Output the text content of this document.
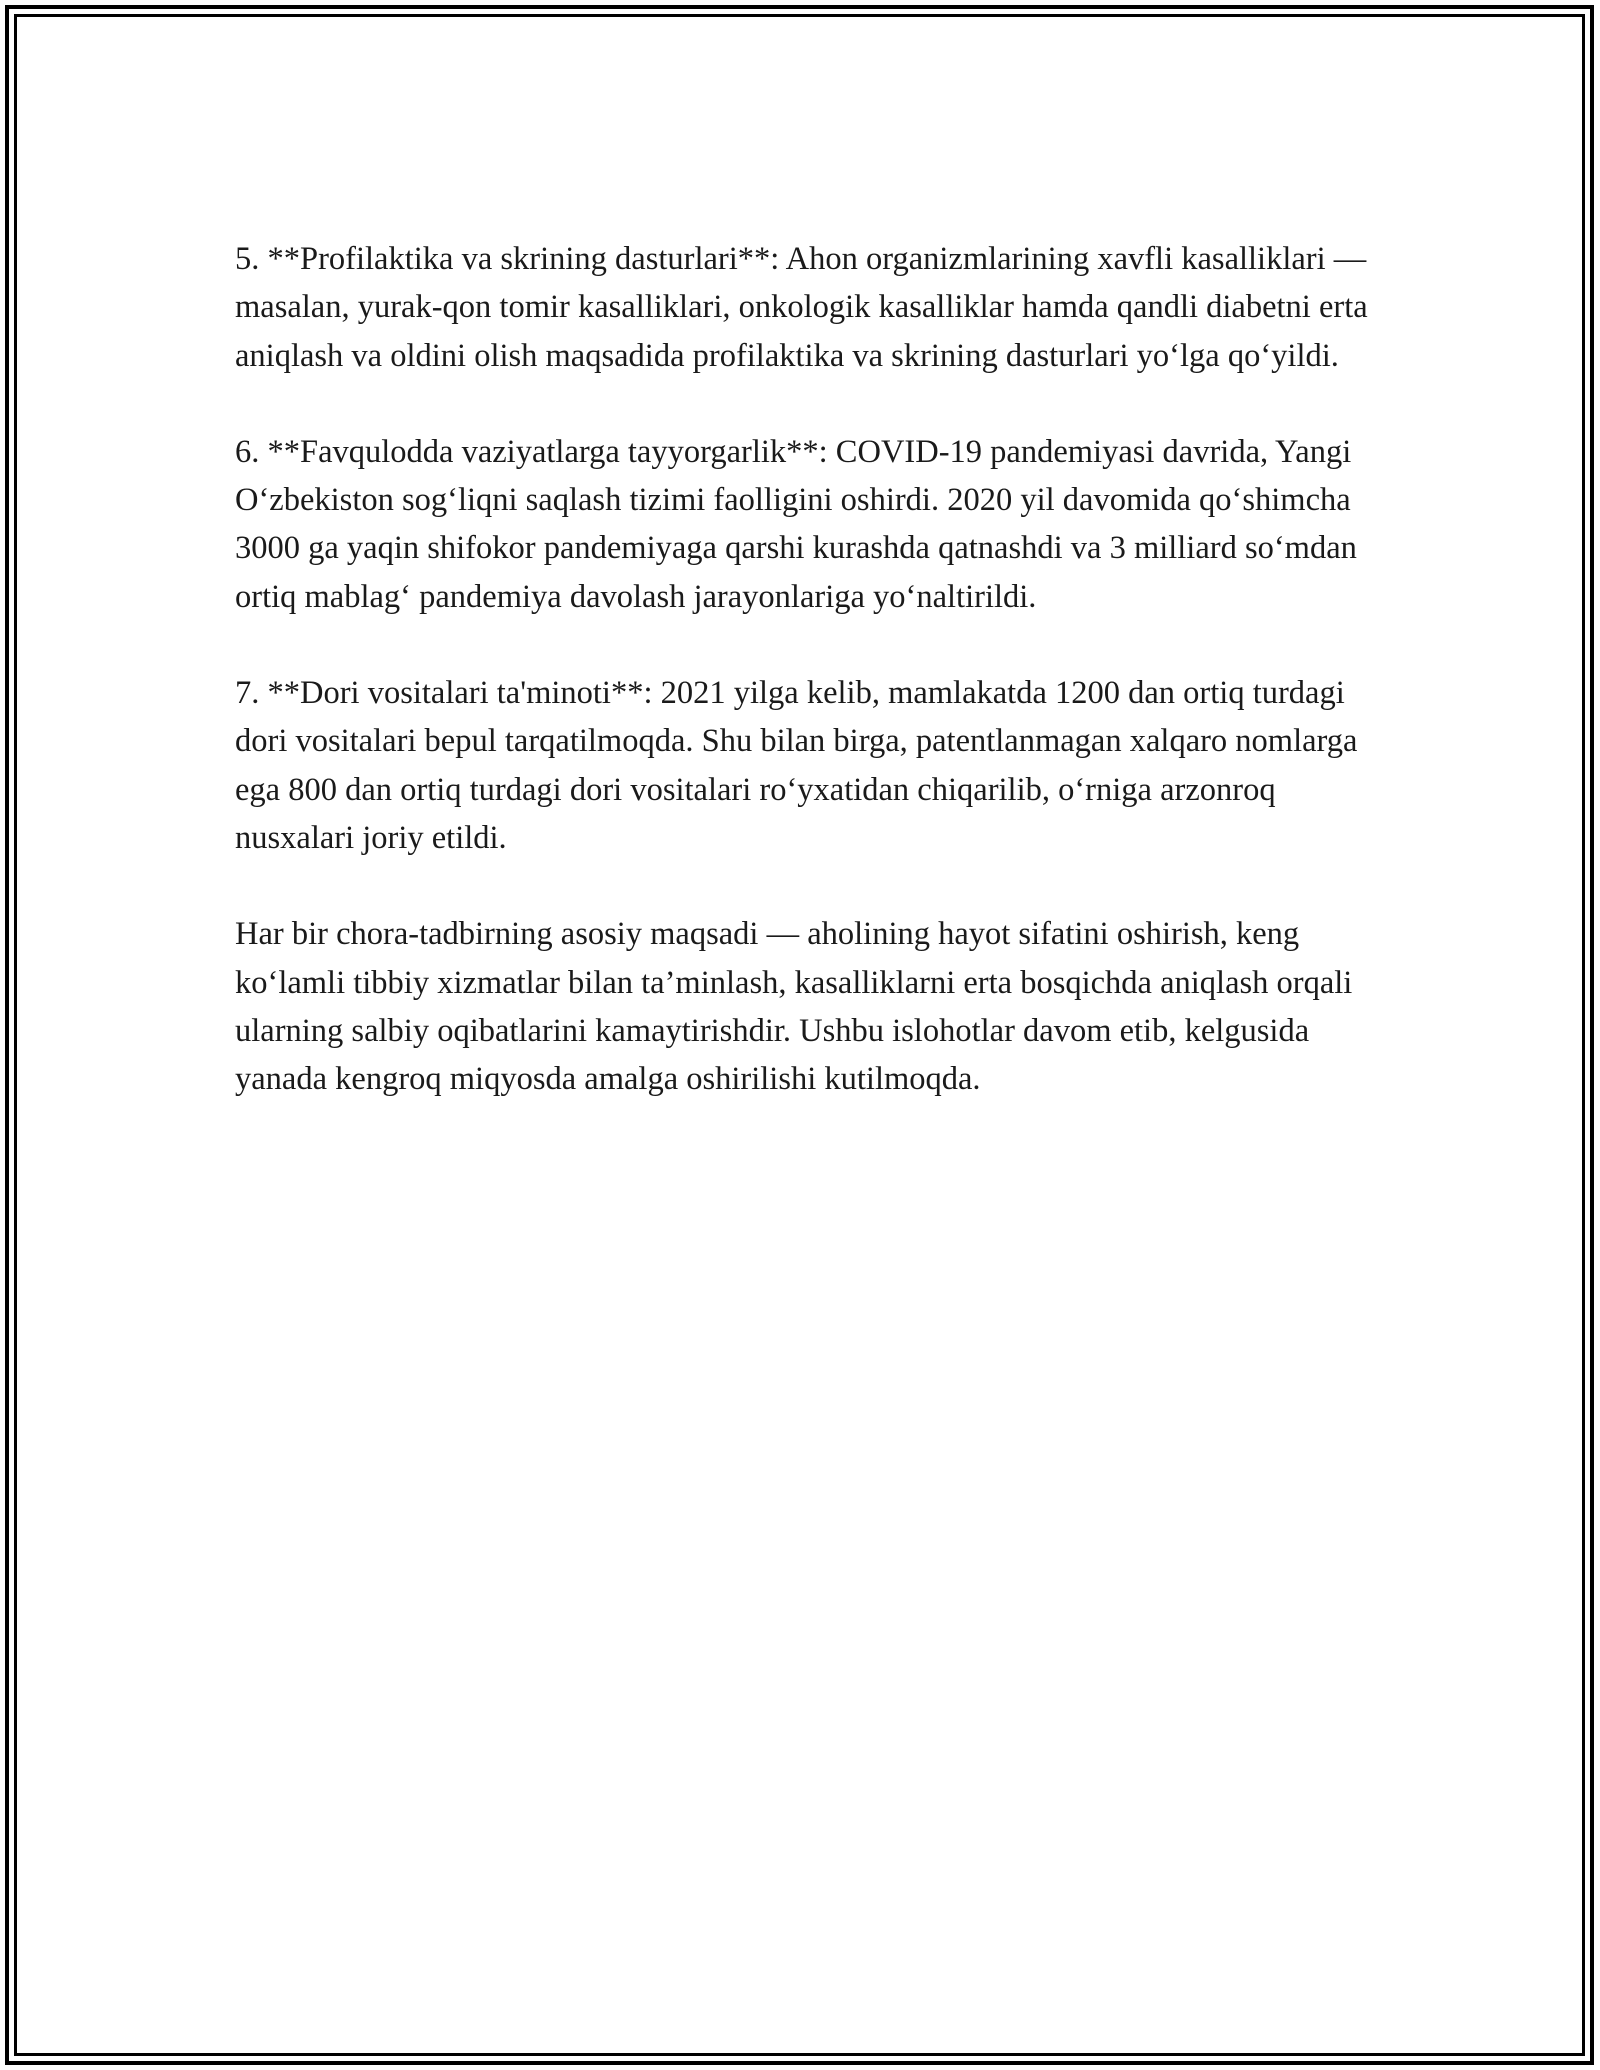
5. **Profilaktika va skrining dasturlari**: Ahon organizmlarining xavfli kasalliklari — masalan, yurak-qon tomir kasalliklari, onkologik kasalliklar hamda qandli diabetni erta aniqlash va oldini olish maqsadida profilaktika va skrining dasturlari yo‘lga qo‘yildi.

6. **Favqulodda vaziyatlarga tayyorgarlik**: COVID-19 pandemiyasi davrida, Yangi O‘zbekiston sog‘liqni saqlash tizimi faolligini oshirdi. 2020 yil davomida qo‘shimcha 3000 ga yaqin shifokor pandemiyaga qarshi kurashda qatnashdi va 3 milliard so‘mdan ortiq mablag‘ pandemiya davolash jarayonlariga yo‘naltirildi.

7. **Dori vositalari ta'minoti**: 2021 yilga kelib, mamlakatda 1200 dan ortiq turdagi dori vositalari bepul tarqatilmoqda. Shu bilan birga, patentlanmagan xalqaro nomlarga ega 800 dan ortiq turdagi dori vositalari ro‘yxatidan chiqarilib, o‘rniga arzonroq nusxalari joriy etildi.

Har bir chora-tadbirning asosiy maqsadi — aholining hayot sifatini oshirish, keng ko‘lamli tibbiy xizmatlar bilan ta’minlash, kasalliklarni erta bosqichda aniqlash orqali ularning salbiy oqibatlarini kamaytirishdir. Ushbu islohotlar davom etib, kelgusida yanada kengroq miqyosda amalga oshirilishi kutilmoqda.
